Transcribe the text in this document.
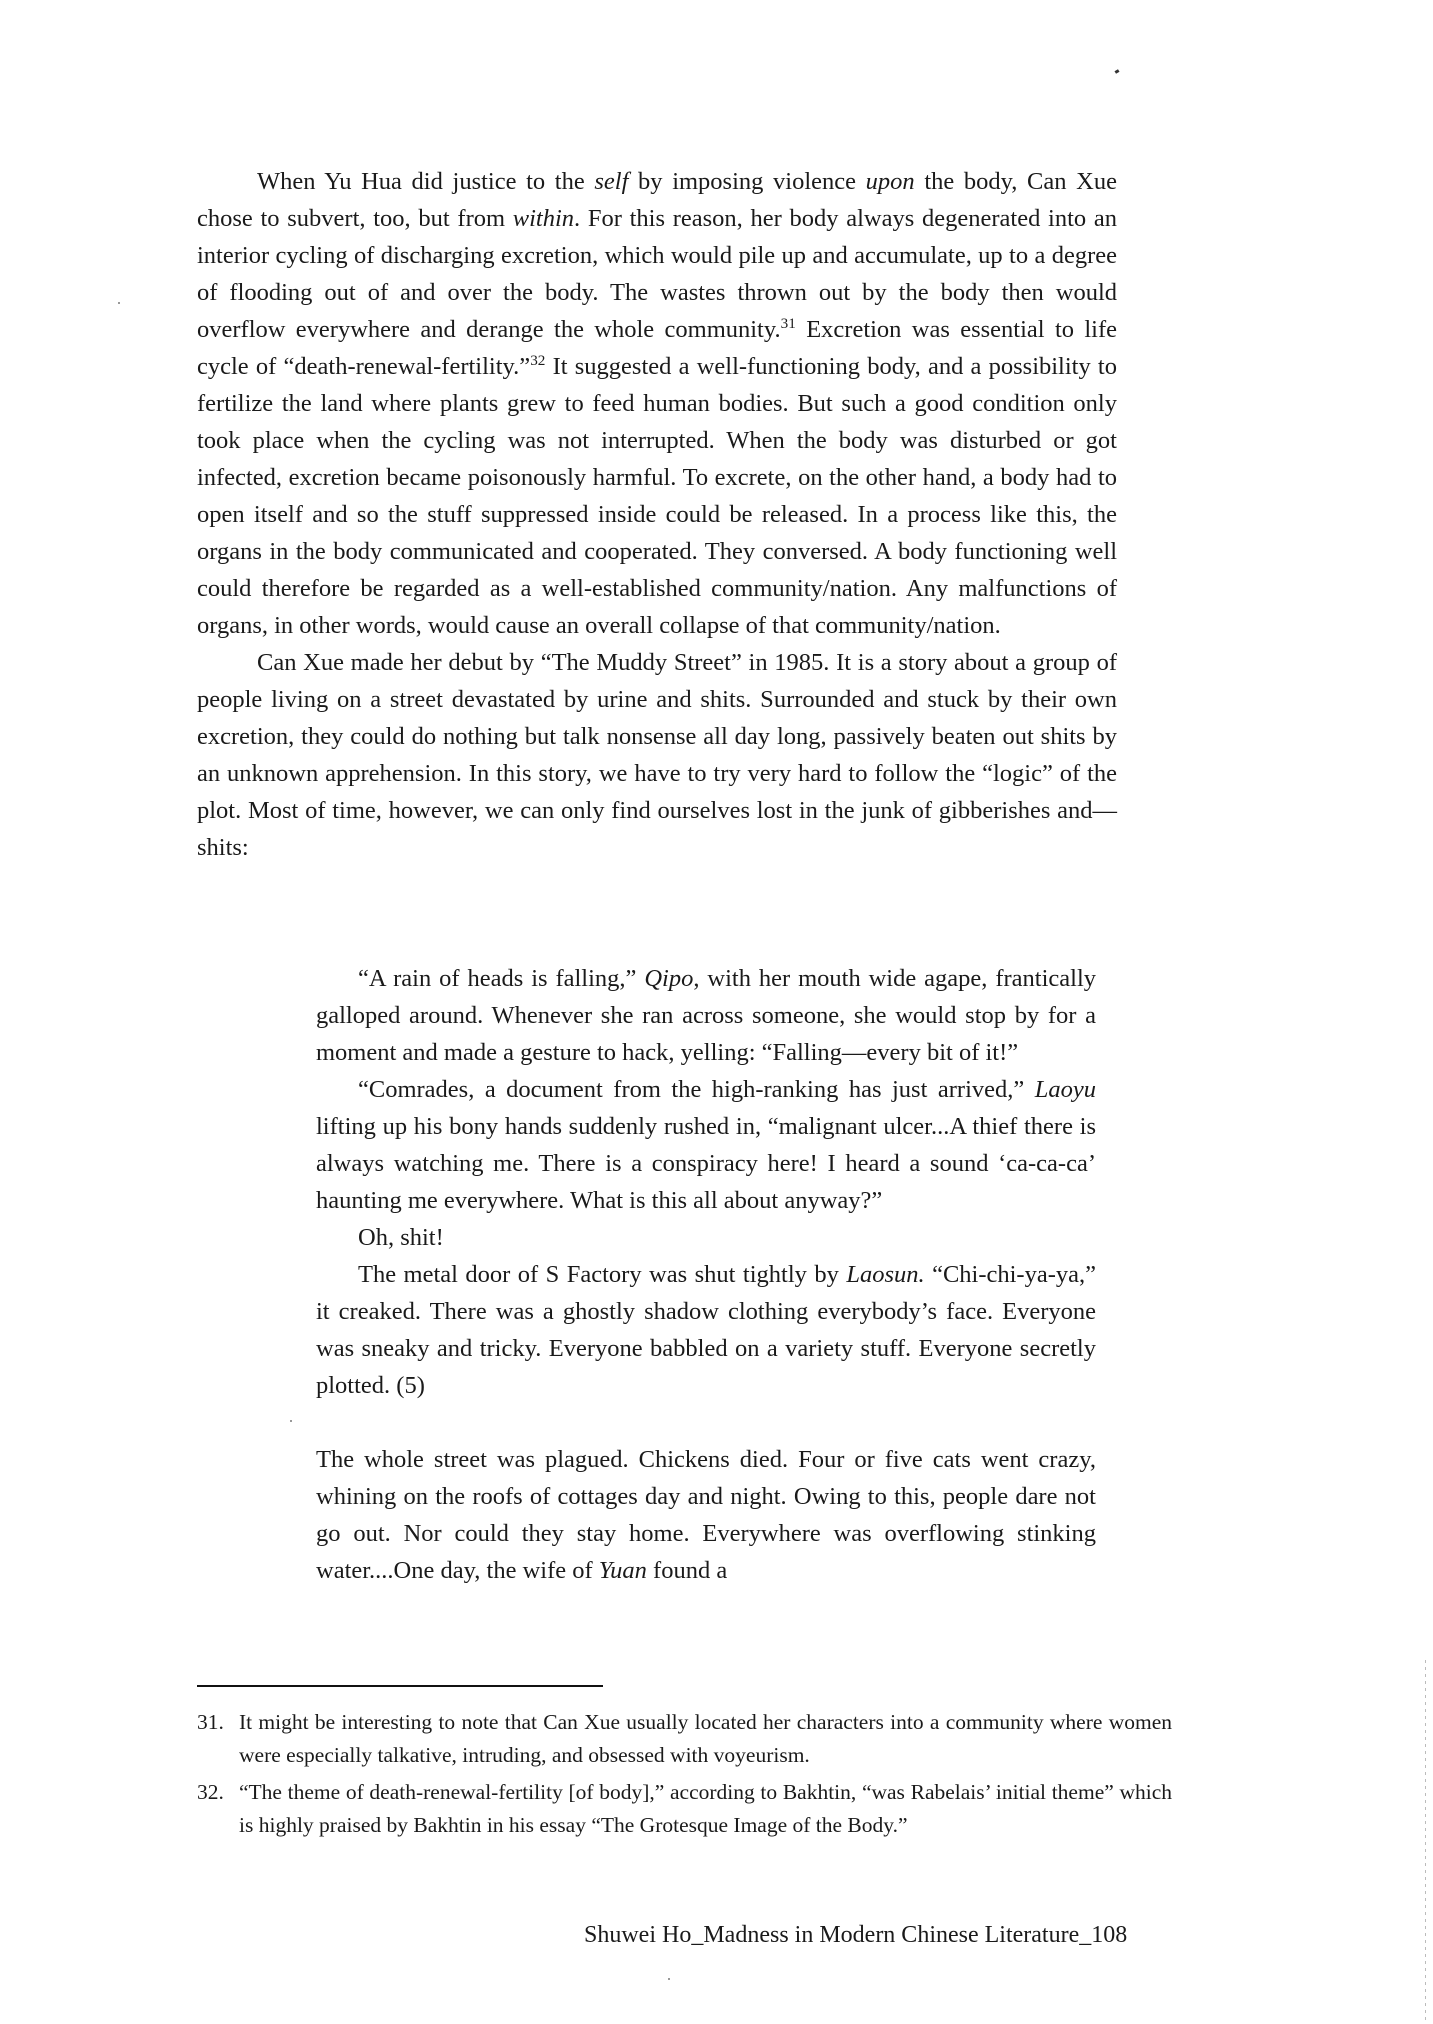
When Yu Hua did justice to the self by imposing violence upon the body, Can Xue chose to subvert, too, but from within. For this reason, her body always degenerated into an interior cycling of discharging excretion, which would pile up and accumulate, up to a degree of flooding out of and over the body. The wastes thrown out by the body then would overflow everywhere and derange the whole community.$^{31}$ Excretion was essential to life cycle of “death-renewal-fertility.”$^{32}$ It suggested a well-functioning body, and a possibility to fertilize the land where plants grew to feed human bodies. But such a good condition only took place when the cycling was not interrupted. When the body was disturbed or got infected, excretion became poisonously harmful. To excrete, on the other hand, a body had to open itself and so the stuff suppressed inside could be released. In a process like this, the organs in the body communicated and cooperated. They conversed. A body functioning well could therefore be regarded as a well-established community/nation. Any malfunctions of organs, in other words, would cause an overall collapse of that community/nation.

Can Xue made her debut by “The Muddy Street” in 1985. It is a story about a group of people living on a street devastated by urine and shits. Surrounded and stuck by their own excretion, they could do nothing but talk nonsense all day long, passively beaten out shits by an unknown apprehension. In this story, we have to try very hard to follow the “logic” of the plot. Most of time, however, we can only find ourselves lost in the junk of gibberishes and—shits:

“A rain of heads is falling,” Qipo, with her mouth wide agape, frantically galloped around. Whenever she ran across someone, she would stop by for a moment and made a gesture to hack, yelling: “Falling—every bit of it!”

“Comrades, a document from the high-ranking has just arrived,” Laoyu lifting up his bony hands suddenly rushed in, “malignant ulcer...A thief there is always watching me. There is a conspiracy here! I heard a sound ‘ca-ca-ca’ haunting me everywhere. What is this all about anyway?”

Oh, shit!

The metal door of S Factory was shut tightly by Laosun. “Chi-chi-ya-ya,” it creaked. There was a ghostly shadow clothing everybody’s face. Everyone was sneaky and tricky. Everyone babbled on a variety stuff. Everyone secretly plotted. (5)

The whole street was plagued. Chickens died. Four or five cats went crazy, whining on the roofs of cottages day and night. Owing to this, people dare not go out. Nor could they stay home. Everywhere was overflowing stinking water....One day, the wife of Yuan found a

31. It might be interesting to note that Can Xue usually located her characters into a community where women were especially talkative, intruding, and obsessed with voyeurism.
32. “The theme of death-renewal-fertility [of body],” according to Bakhtin, “was Rabelais’ initial theme” which is highly praised by Bakhtin in his essay “The Grotesque Image of the Body.”
Shuwei Ho_Madness in Modern Chinese Literature_108
